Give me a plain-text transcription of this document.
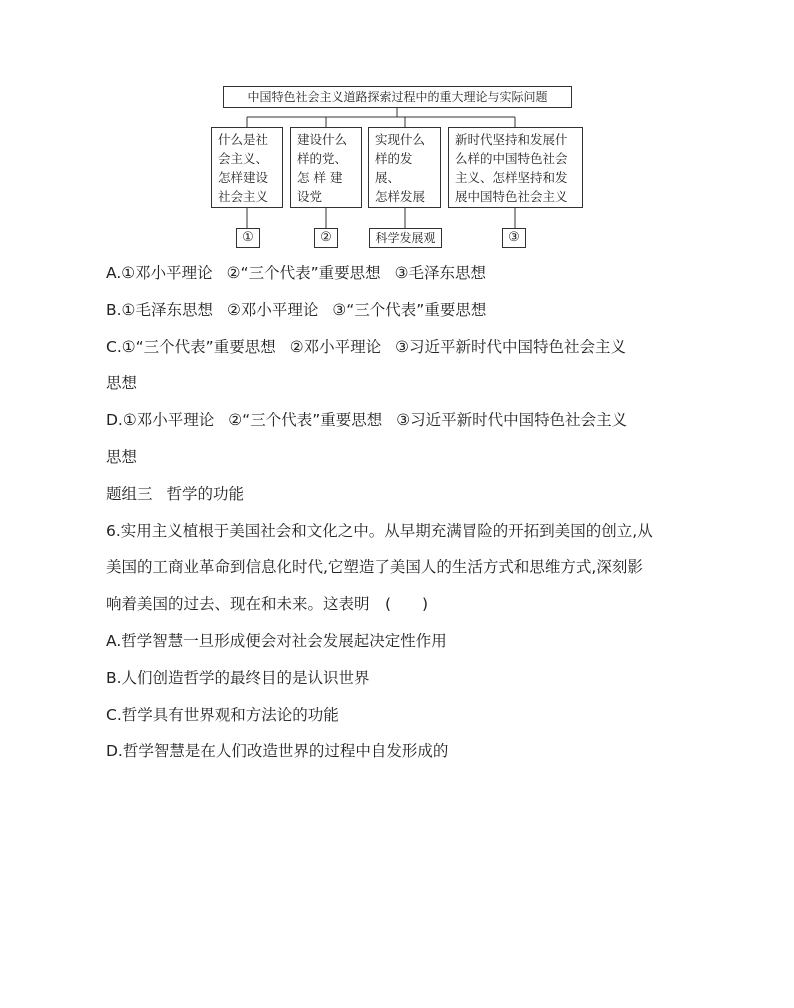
中国特色社会主义道路探索过程中的重大理论与实际问题
什么是社
会主义、
怎样建设
社会主义
建设什么
样的党、
怎 样 建
设党
实现什么
样的发展、
怎样发展
新时代坚持和发展什
么样的中国特色社会
主义、怎样坚持和发
展中国特色社会主义
①	②	科学发展观	③
A.①邓小平理论 ②“三个代表”重要思想 ③毛泽东思想
B.①毛泽东思想 ②邓小平理论 ③“三个代表”重要思想
C.①“三个代表”重要思想 ②邓小平理论 ③习近平新时代中国特色社会主义
思想
D.①邓小平理论 ②“三个代表”重要思想 ③习近平新时代中国特色社会主义
思想
题组三 哲学的功能
6.实用主义植根于美国社会和文化之中。从早期充满冒险的开拓到美国的创立,从
美国的工商业革命到信息化时代,它塑造了美国人的生活方式和思维方式,深刻影
响着美国的过去、现在和未来。这表明　(　　)
A.哲学智慧一旦形成便会对社会发展起决定性作用
B.人们创造哲学的最终目的是认识世界
C.哲学具有世界观和方法论的功能
D.哲学智慧是在人们改造世界的过程中自发形成的
